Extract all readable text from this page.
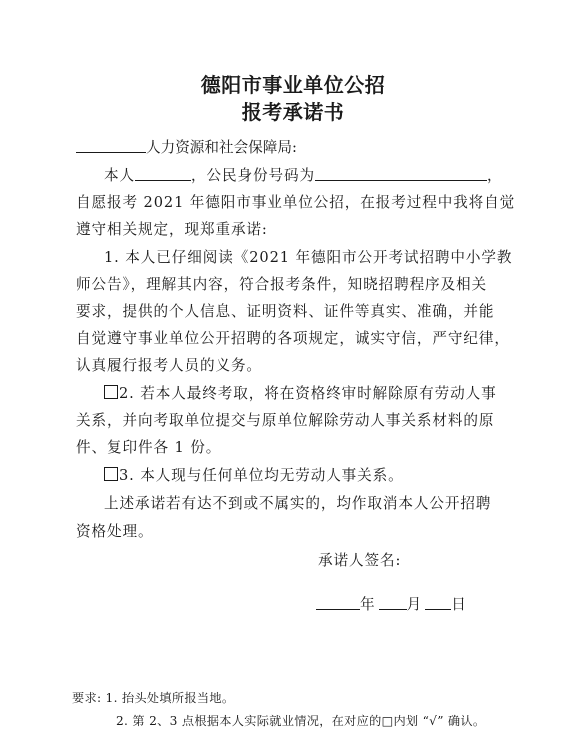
德阳市事业单位公招
报考承诺书
人力资源和社会保障局:
本人	，公民身份号码为	，
自愿报考 2021 年德阳市事业单位公招，在报考过程中我将自觉
遵守相关规定，现郑重承诺:
1. 本人已仔细阅读《2021 年德阳市公开考试招聘中小学教
师公告》，理解其内容，符合报考条件，知晓招聘程序及相关
要求，提供的个人信息、证明资料、证件等真实、准确，并能
自觉遵守事业单位公开招聘的各项规定，诚实守信，严守纪律，
认真履行报考人员的义务。
2. 若本人最终考取，将在资格终审时解除原有劳动人事
关系，并向考取单位提交与原单位解除劳动人事关系材料的原
件、复印件各 1 份。
3. 本人现与任何单位均无劳动人事关系。
上述承诺若有达不到或不属实的，均作取消本人公开招聘
资格处理。
承诺人签名:
年 月 日
要求: 1. 抬头处填所报当地。
2. 第 2、3 点根据本人实际就业情况，在对应的□内划 “√” 确认。
